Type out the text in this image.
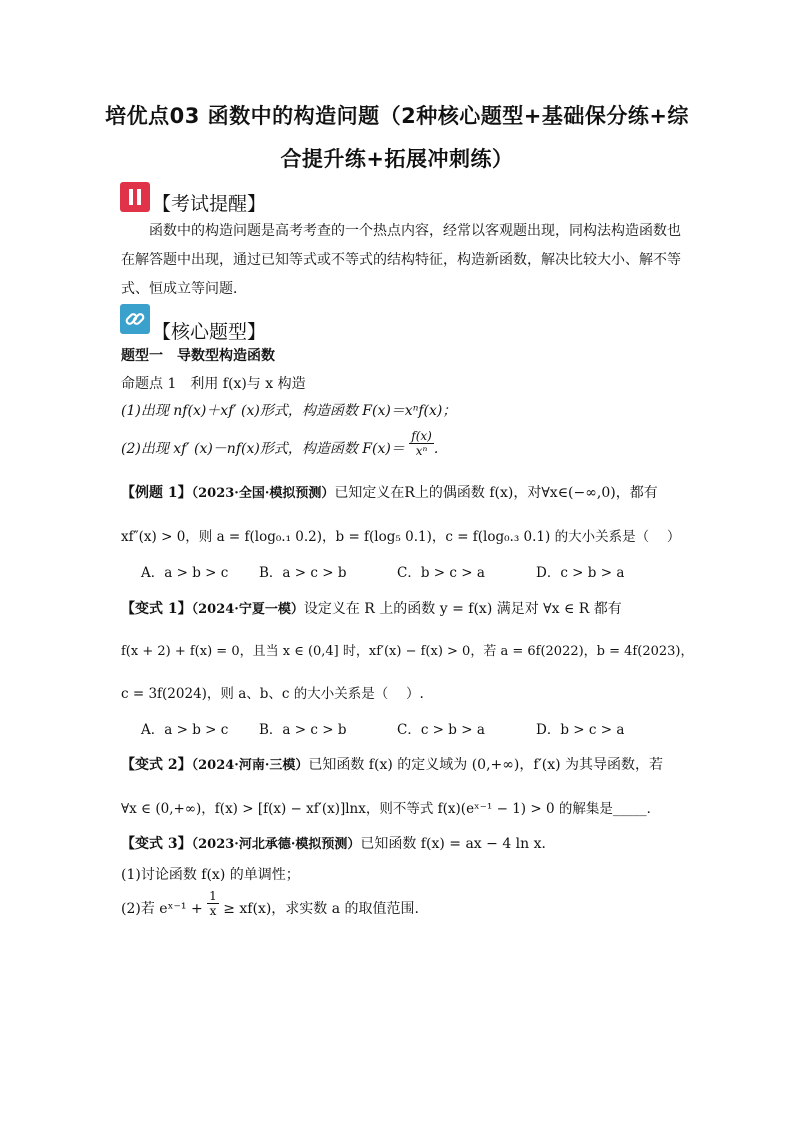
培优点03 函数中的构造问题（2种核心题型+基础保分练+综
合提升练+拓展冲刺练）
【考试提醒】
　　函数中的构造问题是高考考查的一个热点内容，经常以客观题出现，同构法构造函数也在解答题中出现，通过已知等式或不等式的结构特征，构造新函数，解决比较大小、解不等式、恒成立等问题．
【核心题型】
题型一　导数型构造函数
命题点 1　利用 f(x)与 x 构造
(1)出现 nf(x)＋xf′ (x)形式，构造函数 F(x)＝xⁿf(x)；
(2)出现 xf′ (x)－nf(x)形式，构造函数 $F(x)= \frac{f(x)}{\text{xⁿ}}$ .
【例题 1】（2023·全国·模拟预测）已知定义在R上的偶函数 f(x)，对∀x∈(−∞,0)，都有
xf″(x) > 0，则 a = f(log₀.₁ 0.2)，b = f(log₅ 0.1)，c = f(log₀.₃ 0.1) 的大小关系是（　 ）
A．a > b > c B．a > c > b	C．b > c > a	D．c > b > a
【变式 1】（2024·宁夏一模）设定义在 R 上的函数 y = f(x) 满足对 ∀x ∈ R 都有
f(x + 2) + f(x) = 0，且当 x ∈ (0,4] 时，xf′(x) − f(x) > 0，若 a = 6f(2022)，b = 4f(2023)，
c = 3f(2024)，则 a、b、c 的大小关系是（　 ）.
A．a > b > c B．a > c > b	C．c > b > a	D．b > c > a
【变式 2】（2024·河南·三模）已知函数 f(x) 的定义域为 (0,+∞)，f′(x) 为其导函数，若
∀x ∈ (0,+∞)，f(x) > [f(x) − xf′(x)]lnx，则不等式 f(x)(eˣ⁻¹ − 1) > 0 的解集是_____．
【变式 3】（2023·河北承德·模拟预测）已知函数 f(x) = ax − 4 ln x．
(1)讨论函数 f(x) 的单调性；
(2)若 eˣ⁻¹ + $\frac{1}{x} \ge xf(x)$，求实数 a 的取值范围.
